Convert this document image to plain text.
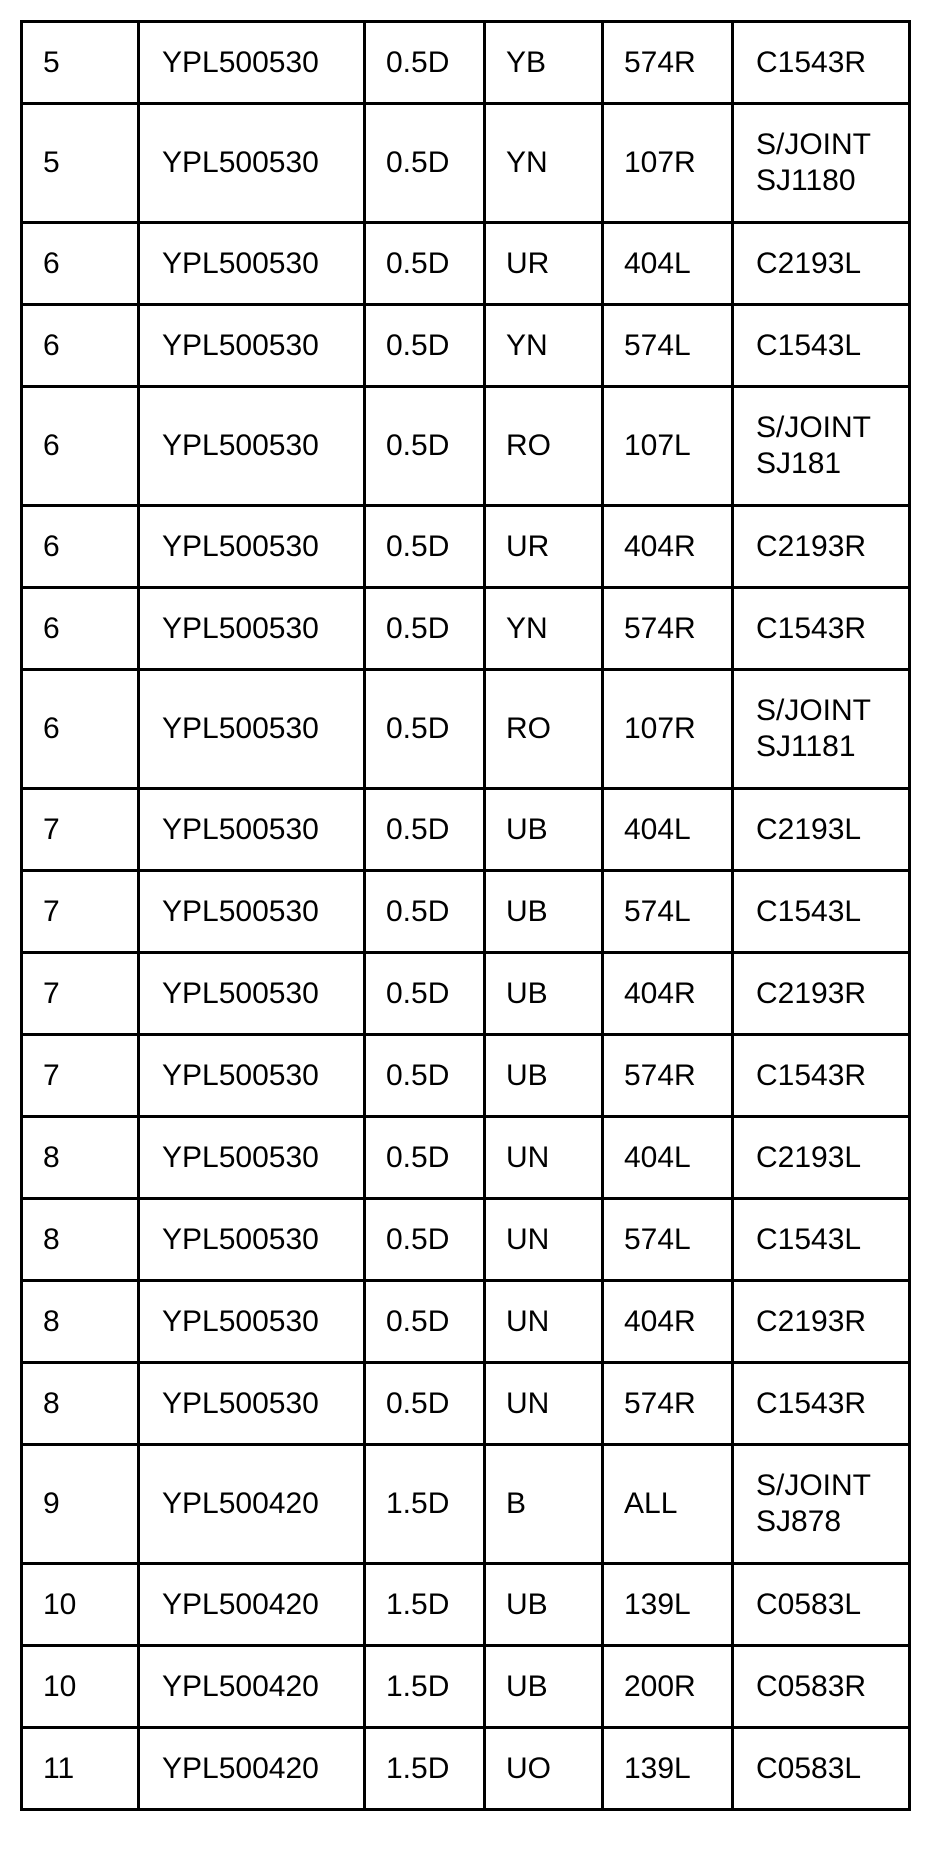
5	YPL500530	0.5D	YB	574R	C1543R

5	YPL500530	0.5D	YN	107R	S/JOINT
SJ1180

6	YPL500530	0.5D	UR	404L	C2193L

6	YPL500530	0.5D	YN	574L	C1543L

6	YPL500530	0.5D	RO	107L	S/JOINT
SJ181

6	YPL500530	0.5D	UR	404R	C2193R

6	YPL500530	0.5D	YN	574R	C1543R

6	YPL500530	0.5D	RO	107R	S/JOINT
SJ1181

7	YPL500530	0.5D	UB	404L	C2193L

7	YPL500530	0.5D	UB	574L	C1543L

7	YPL500530	0.5D	UB	404R	C2193R

7	YPL500530	0.5D	UB	574R	C1543R

8	YPL500530	0.5D	UN	404L	C2193L

8	YPL500530	0.5D	UN	574L	C1543L

8	YPL500530	0.5D	UN	404R	C2193R

8	YPL500530	0.5D	UN	574R	C1543R

9	YPL500420	1.5D	B	ALL	S/JOINT
SJ878

10	YPL500420	1.5D	UB	139L	C0583L

10	YPL500420	1.5D	UB	200R	C0583R

11	YPL500420	1.5D	UO	139L	C0583L
